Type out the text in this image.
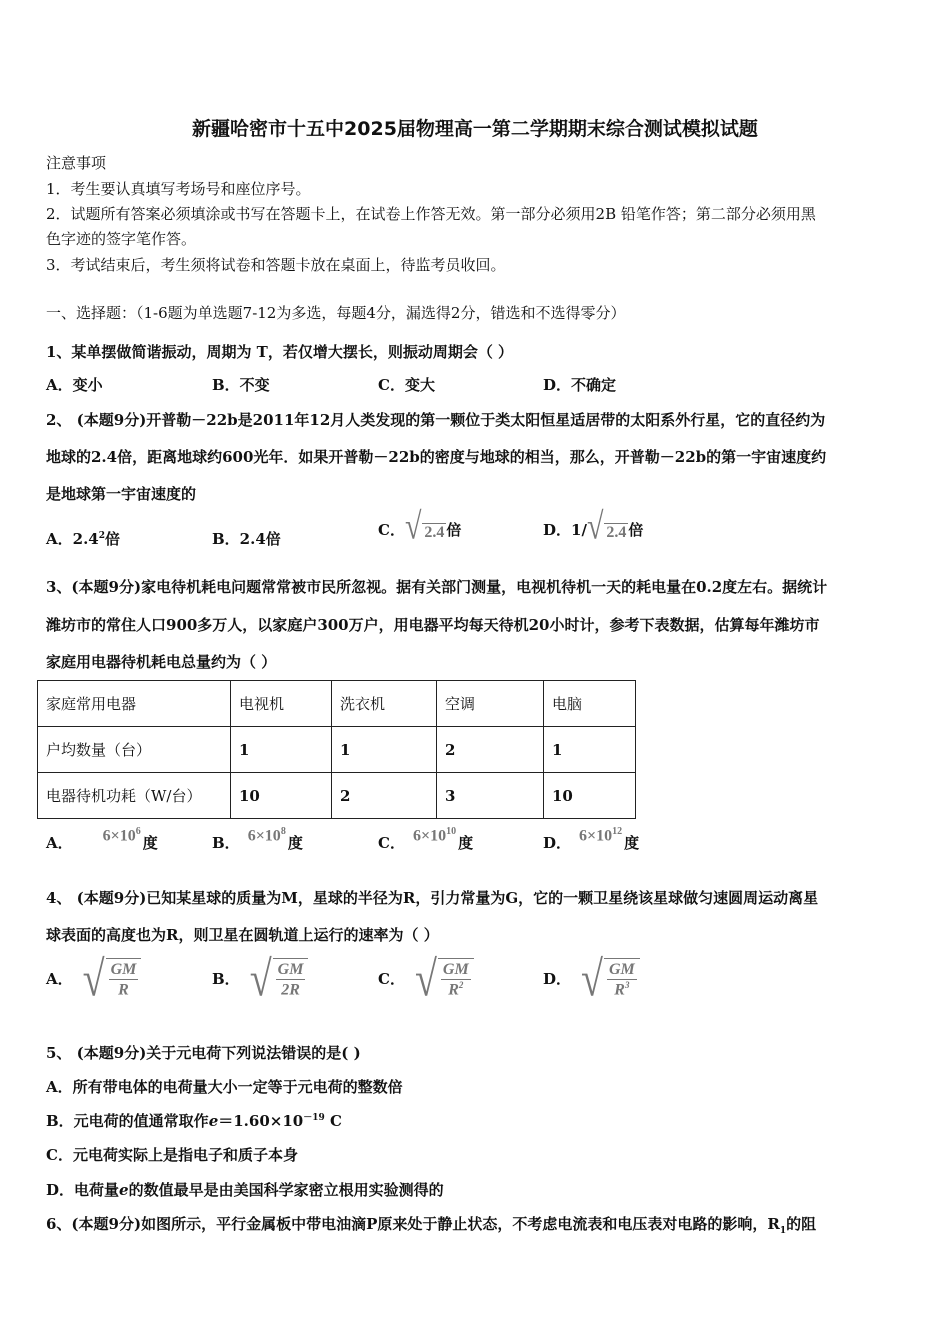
新疆哈密市十五中2025届物理高一第二学期期末综合测试模拟试题
注意事项
1．考生要认真填写考场号和座位序号。
2．试题所有答案必须填涂或书写在答题卡上，在试卷上作答无效。第一部分必须用2B 铅笔作答；第二部分必须用黑
色字迹的签字笔作答。
3．考试结束后，考生须将试卷和答题卡放在桌面上，待监考员收回。
一、选择题：（1-6题为单选题7-12为多选，每题4分，漏选得2分，错选和不选得零分）
1、某单摆做简谐振动，周期为 T，若仅增大摆长，则振动周期会（ ）
A．变小	B．不变	C．变大	D．不确定
2、 (本题9分)开普勒－22b是2011年12月人类发现的第一颗位于类太阳恒星适居带的太阳系外行星，它的直径约为
地球的2.4倍，距离地球约600光年．如果开普勒－22b的密度与地球的相当，那么，开普勒－22b的第一宇宙速度约
是地球第一宇宙速度的
A．$2.4^2$倍	B．2.4倍	C． √ 2.4 倍	D．1/ √ 2.4 倍
3、(本题9分)家电待机耗电问题常常被市民所忽视。据有关部门测量，电视机待机一天的耗电量在0.2度左右。据统计
潍坊市的常住人口900多万人，以家庭户300万户，用电器平均每天待机20小时计，参考下表数据，估算每年潍坊市
家庭用电器待机耗电总量约为（ ）
家庭常用电器	电视机	洗衣机	空调	电脑
户均数量（台）	1	1	2	1
电器待机功耗（W/台）	10	2	3	10
A． $6\times 10^6$
度	B． $6\times 10^8$
度	C． $6\times 10^{10}$
度	D． $6\times 10^{12}$
度
4、 (本题9分)已知某星球的质量为M，星球的半径为R，引力常量为G，它的一颗卫星绕该星球做匀速圆周运动离星
球表面的高度也为R，则卫星在圆轨道上运行的速率为（ ）
A． √ $\frac{GM}{R}$	B． √ $\frac{GM}{2R}$	C． √ $\frac{GM}{R^2}$	D． √ $\frac{GM}{R^3}$
5、 (本题9分)关于元电荷下列说法错误的是( )
A．所有带电体的电荷量大小一定等于元电荷的整数倍
B．元电荷的值通常取作$e=1.60\times 10^{-19}$ C
C．元电荷实际上是指电子和质子本身
D．电荷量e的数值最早是由美国科学家密立根用实验测得的
6、(本题9分)如图所示，平行金属板中带电油滴P原来处于静止状态，不考虑电流表和电压表对电路的影响，$R_1$的阻
